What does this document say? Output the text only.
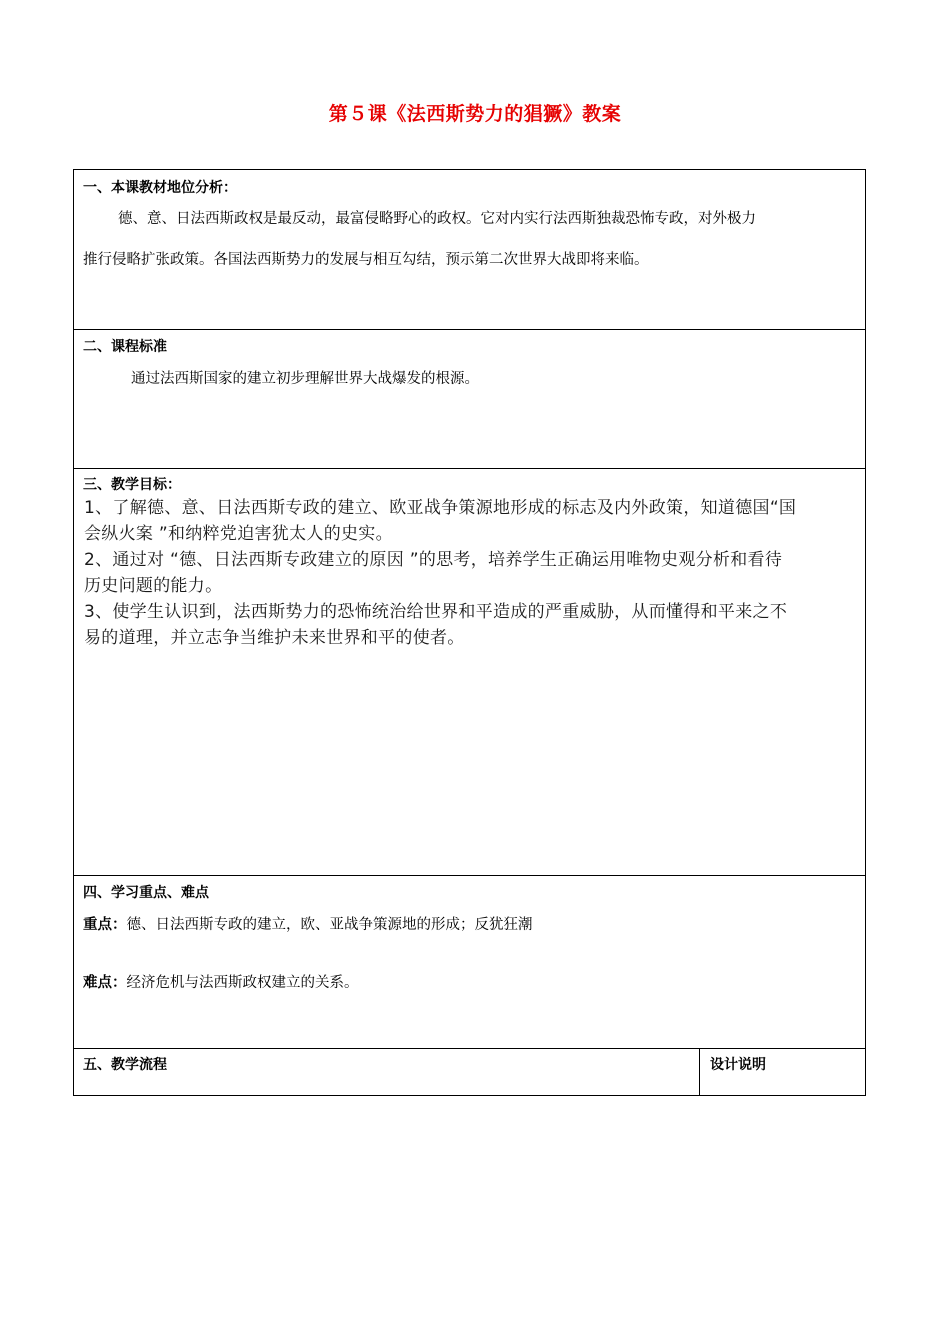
第５课《法西斯势力的猖獗》教案
一、本课教材地位分析：
德、意、日法西斯政权是最反动，最富侵略野心的政权。它对内实行法西斯独裁恐怖专政，对外极力
推行侵略扩张政策。各国法西斯势力的发展与相互勾结，预示第二次世界大战即将来临。
二、课程标准
通过法西斯国家的建立初步理解世界大战爆发的根源。
三、教学目标：
1、了解德、意、日法西斯专政的建立、欧亚战争策源地形成的标志及内外政策，知道德国“国
会纵火案 ”和纳粹党迫害犹太人的史实。
2、通过对 “德、日法西斯专政建立的原因 ”的思考，培养学生正确运用唯物史观分析和看待
历史问题的能力。
3、使学生认识到，法西斯势力的恐怖统治给世界和平造成的严重威胁，从而懂得和平来之不
易的道理，并立志争当维护未来世界和平的使者。
四、学习重点、难点
重点：德、日法西斯专政的建立，欧、亚战争策源地的形成；反犹狂潮
难点：经济危机与法西斯政权建立的关系。
五、教学流程	设计说明
